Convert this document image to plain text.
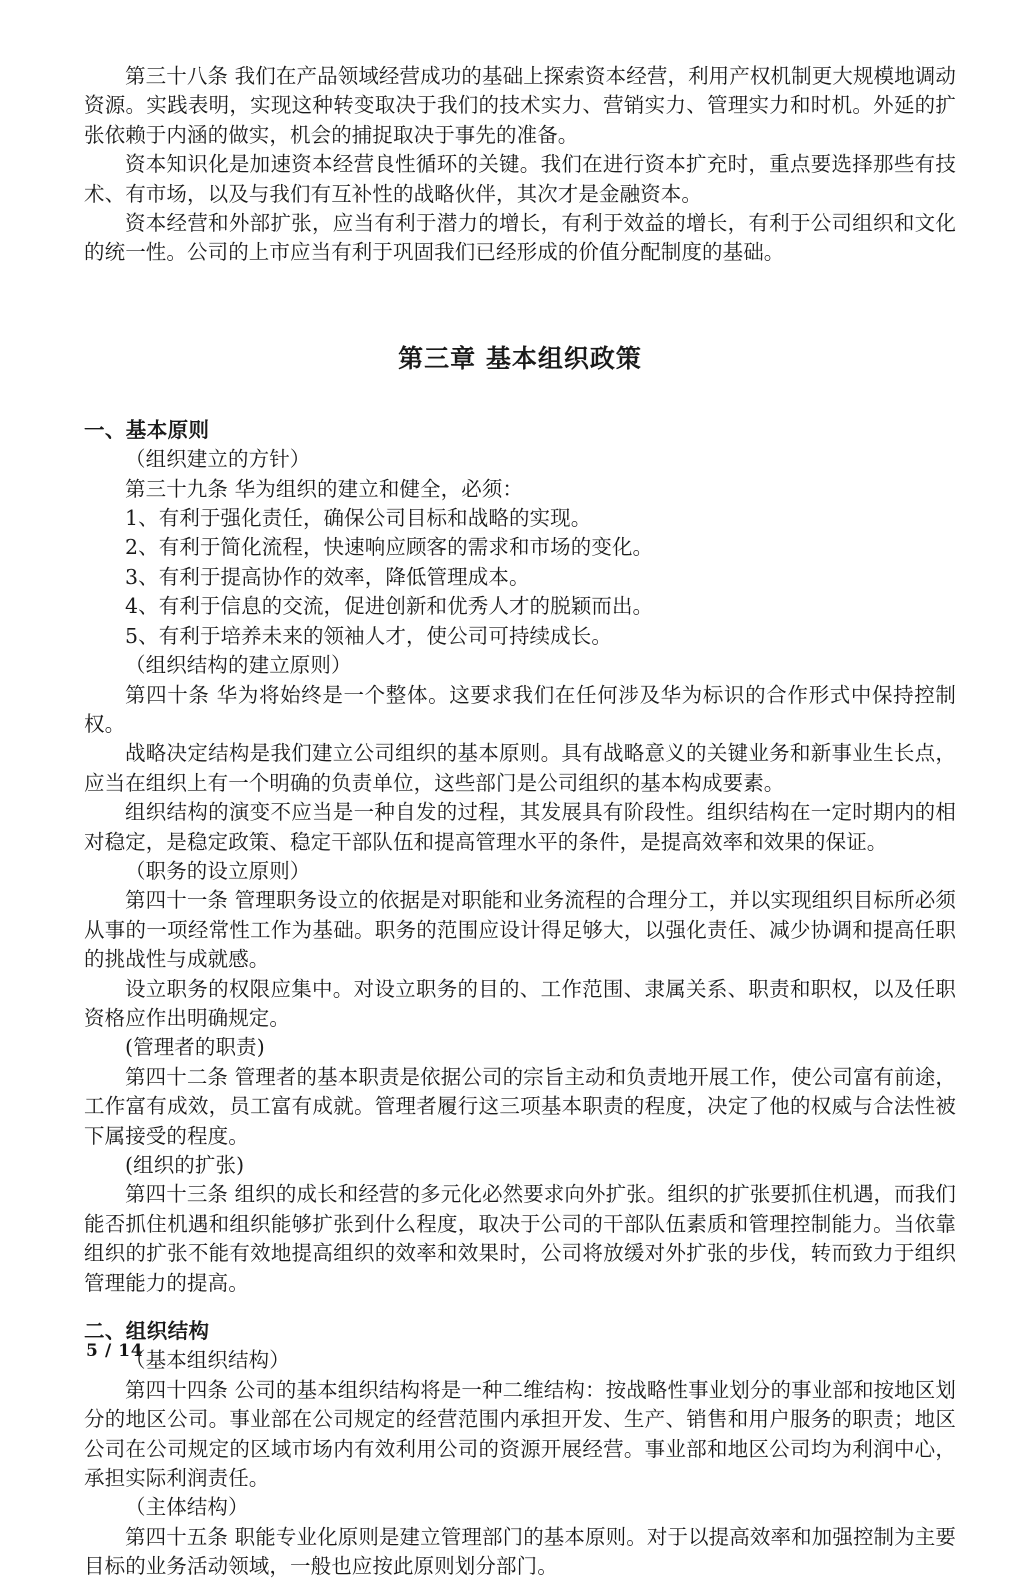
第三十八条 我们在产品领域经营成功的基础上探索资本经营，利用产权机制更大规模地调动资源。实践表明，实现这种转变取决于我们的技术实力、营销实力、管理实力和时机。外延的扩张依赖于内涵的做实，机会的捕捉取决于事先的准备。

资本知识化是加速资本经营良性循环的关键。我们在进行资本扩充时，重点要选择那些有技术、有市场，以及与我们有互补性的战略伙伴，其次才是金融资本。

资本经营和外部扩张，应当有利于潜力的增长，有利于效益的增长，有利于公司组织和文化的统一性。公司的上市应当有利于巩固我们已经形成的价值分配制度的基础。

第三章 基本组织政策
一、基本原则

（组织建立的方针）

第三十九条 华为组织的建立和健全，必须：

1、有利于强化责任，确保公司目标和战略的实现。

2、有利于简化流程，快速响应顾客的需求和市场的变化。

3、有利于提高协作的效率，降低管理成本。

4、有利于信息的交流，促进创新和优秀人才的脱颖而出。

5、有利于培养未来的领袖人才，使公司可持续成长。

（组织结构的建立原则）

第四十条 华为将始终是一个整体。这要求我们在任何涉及华为标识的合作形式中保持控制权。

战略决定结构是我们建立公司组织的基本原则。具有战略意义的关键业务和新事业生长点，应当在组织上有一个明确的负责单位，这些部门是公司组织的基本构成要素。

组织结构的演变不应当是一种自发的过程，其发展具有阶段性。组织结构在一定时期内的相对稳定，是稳定政策、稳定干部队伍和提高管理水平的条件，是提高效率和效果的保证。

（职务的设立原则）

第四十一条 管理职务设立的依据是对职能和业务流程的合理分工，并以实现组织目标所必须从事的一项经常性工作为基础。职务的范围应设计得足够大，以强化责任、减少协调和提高任职的挑战性与成就感。

设立职务的权限应集中。对设立职务的目的、工作范围、隶属关系、职责和职权，以及任职资格应作出明确规定。

(管理者的职责)

第四十二条 管理者的基本职责是依据公司的宗旨主动和负责地开展工作，使公司富有前途，工作富有成效，员工富有成就。管理者履行这三项基本职责的程度，决定了他的权威与合法性被下属接受的程度。

(组织的扩张)

第四十三条 组织的成长和经营的多元化必然要求向外扩张。组织的扩张要抓住机遇，而我们能否抓住机遇和组织能够扩张到什么程度，取决于公司的干部队伍素质和管理控制能力。当依靠组织的扩张不能有效地提高组织的效率和效果时，公司将放缓对外扩张的步伐，转而致力于组织管理能力的提高。

二、组织结构

（基本组织结构）

第四十四条 公司的基本组织结构将是一种二维结构：按战略性事业划分的事业部和按地区划分的地区公司。事业部在公司规定的经营范围内承担开发、生产、销售和用户服务的职责；地区公司在公司规定的区域市场内有效利用公司的资源开展经营。事业部和地区公司均为利润中心，承担实际利润责任。

（主体结构）

第四十五条 职能专业化原则是建立管理部门的基本原则。对于以提高效率和加强控制为主要目标的业务活动领域，一般也应按此原则划分部门。

5 / 14
